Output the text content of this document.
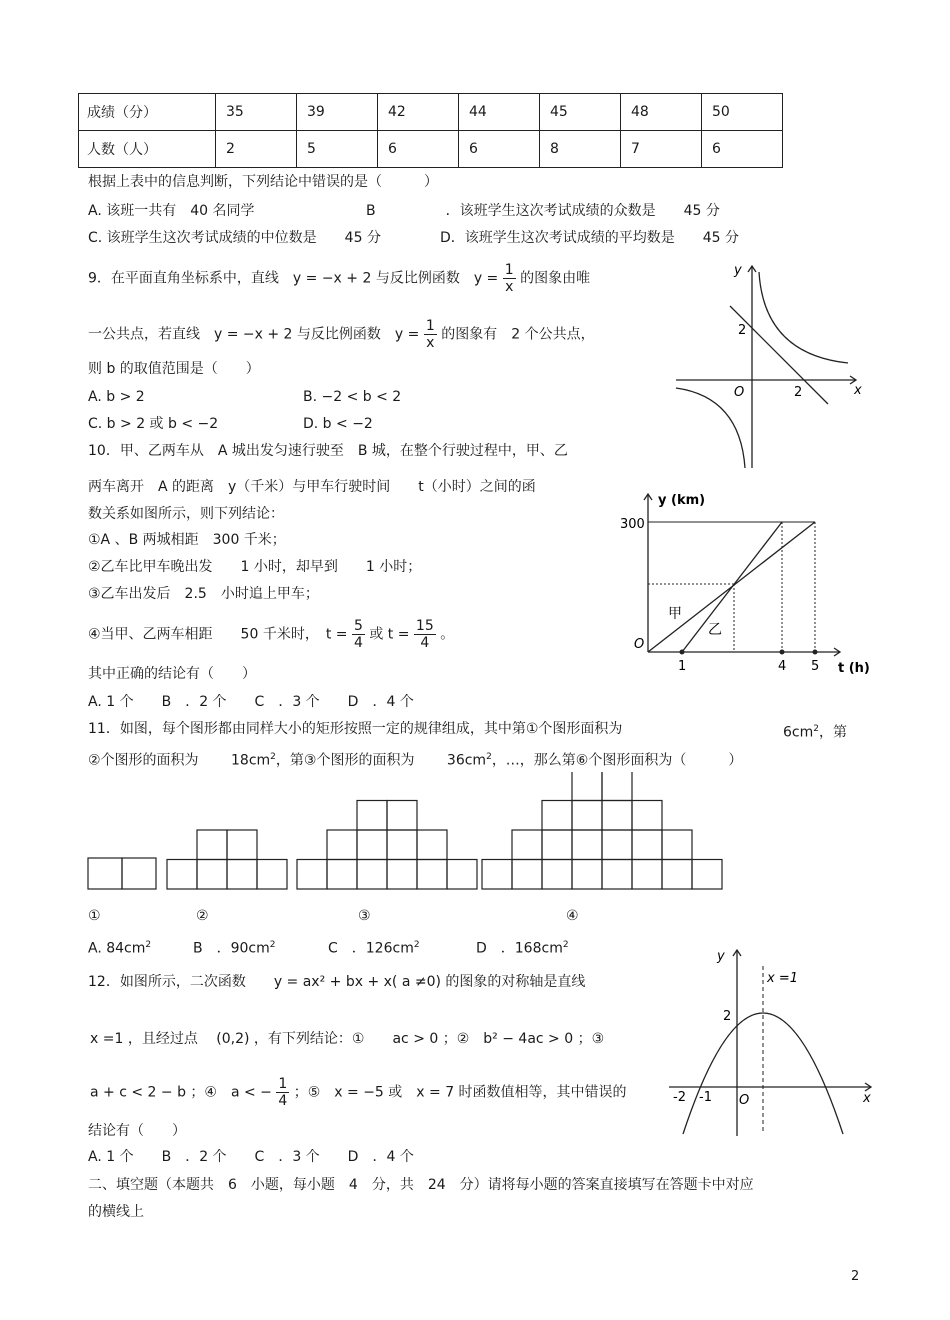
成绩（分）	35	39	42	44	45	48	50
人数（人）	2	5	6	6	8	7	6
根据上表中的信息判断，下列结论中错误的是（　　　）
A. 该班一共有　40 名同学	B　　　　　．该班学生这次考试成绩的众数是　　45 分
C. 该班学生这次考试成绩的中位数是　　45 分	D．该班学生这次考试成绩的平均数是　　45 分
9．在平面直角坐标系中，直线　y = −x + 2 与反比例函数　$y = \frac{1}{x}$ 的图象由唯
一公共点，若直线　y = −x + 2 与反比例函数　$y = \frac{1}{x}$ 的图象有　2 个公共点，
则 b 的取值范围是（　　）
A. b > 2	B. −2 < b < 2
C. b > 2 或 b < −2	D. b < −2
y
x
O
2
2
10．甲、乙两车从　A 城出发匀速行驶至　B 城，在整个行驶过程中，甲、乙
两车离开　A 的距离　y（千米）与甲车行驶时间　　t（小时）之间的函
数关系如图所示，则下列结论：
①A 、B 两城相距　300 千米；
②乙车比甲车晚出发　　1 小时，却早到　　1 小时；
③乙车出发后　2.5　小时追上甲车；
④当甲、乙两车相距　　50 千米时，　$t = \frac{5}{4}$ 或 $t = \frac{15}{4}$ 。
其中正确的结论有（　　）
A. 1 个　　B　．2 个　　C　．3 个　　D　．4 个
y (km)
t (h)
O
300
1	4 5
甲
乙
11．如图，每个图形都由同样大小的矩形按照一定的规律组成，其中第①个图形面积为	$6cm^2$，第
②个图形的面积为　　 $18cm^2$，第③个图形的面积为　　 $36cm^2$，…，那么第⑥个图形面积为（　　　）
①	②	③	④
A. $84cm^2$	B　．$90cm^2$	C　．$126cm^2$	D　．$168cm^2$
12．如图所示，二次函数　　y = ax² + bx + x( a ≠0) 的图象的对称轴是直线
x =1 ，且经过点　 (0,2) ，有下列结论：①　　ac > 0 ；②　b² − 4ac > 0 ；③
a + c < 2 − b ；④　a < − $\frac{1}{4}$ ；⑤　x = −5 或　x = 7 时函数值相等，其中错误的
结论有（　　）
A. 1 个　　B　．2 个　　C　．3 个　　D　．4 个
y
x
O
x =1
2
-2 -1
二、填空题（本题共　6　小题，每小题　4　分，共　24　分）请将每小题的答案直接填写在答题卡中对应
的横线上
2
